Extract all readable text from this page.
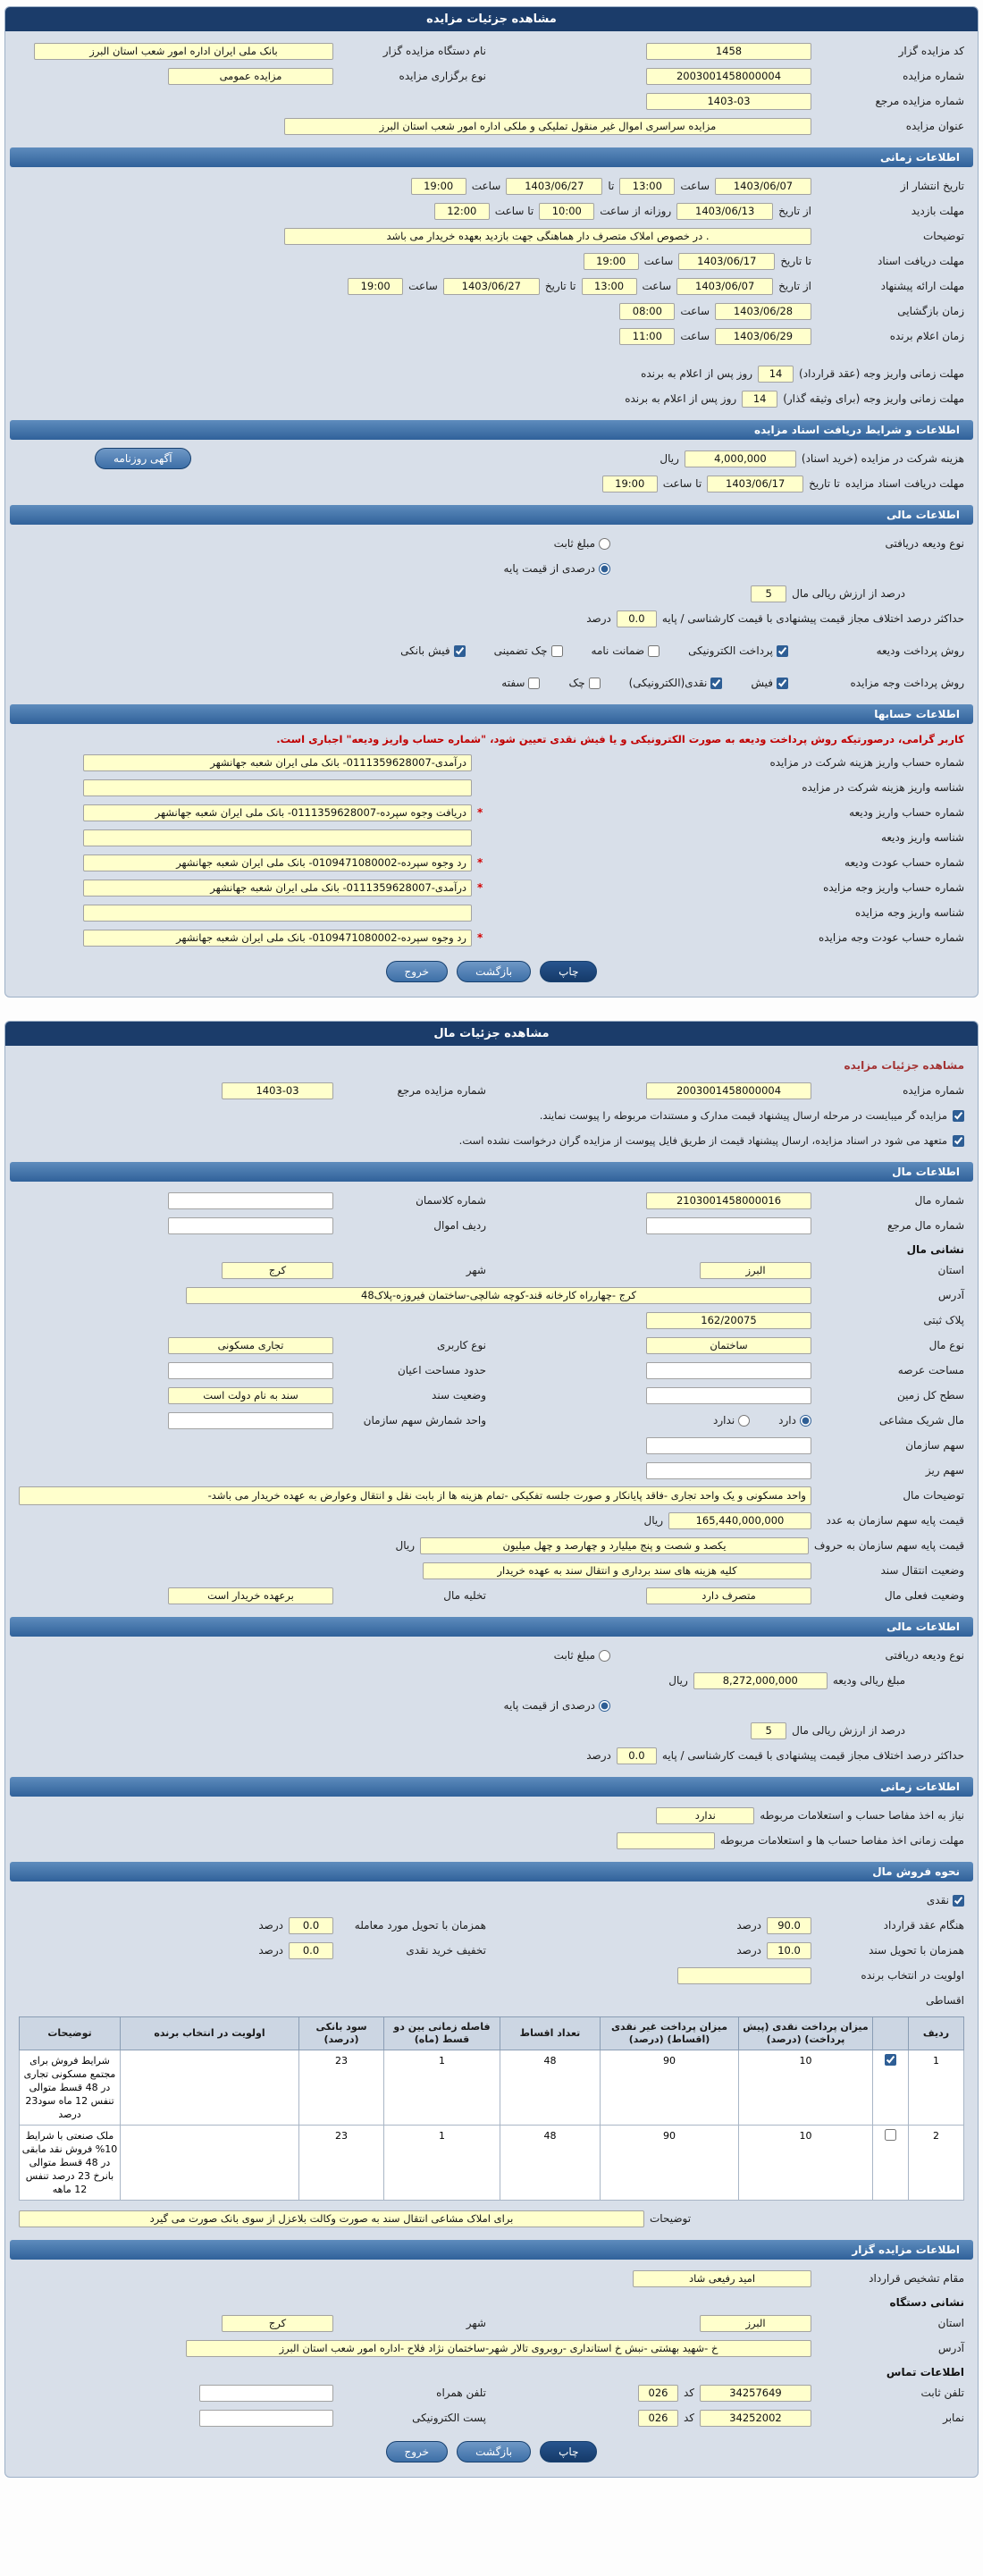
مشاهده جزئیات مزایده
کد مزایده گزار
1458
نام دستگاه مزایده گزار
بانک ملی ایران اداره امور شعب استان البرز
شماره مزایده
2003001458000004
نوع برگزاری مزایده
مزایده عمومی
شماره مزایده مرجع
1403-03
عنوان مزایده
مزایده سراسری اموال غیر منقول تملیکی و ملکی اداره امور شعب استان البرز
اطلاعات زمانی
تاریخ انتشار از
1403/06/07
ساعت
13:00
تا
1403/06/27
ساعت
19:00
مهلت بازدید
از تاریخ
1403/06/13
روزانه از ساعت
10:00
تا ساعت
12:00
توضیحات
. در خصوص املاک متصرف دار هماهنگی جهت بازدید بعهده خریدار می باشد
مهلت دریافت اسناد
تا تاریخ
1403/06/17
ساعت
19:00
مهلت ارائه پیشنهاد
از تاریخ
1403/06/07
ساعت
13:00
تا تاریخ
1403/06/27
ساعت
19:00
زمان بازگشایی
1403/06/28
ساعت
08:00
زمان اعلام برنده
1403/06/29
ساعت
11:00
مهلت زمانی واریز وجه (عقد قرارداد)
14
روز پس از اعلام به برنده
مهلت زمانی واریز وجه (برای وثیقه گذار)
14
روز پس از اعلام به برنده
اطلاعات و شرایط دریافت اسناد مزایده
هزینه شرکت در مزایده (خرید اسناد)
4,000,000
ریال
آگهی روزنامه
مهلت دریافت اسناد مزایده
تا تاریخ
1403/06/17
تا ساعت
19:00
اطلاعات مالی
نوع ودیعه دریافتی
مبلغ ثابت
درصدی از قیمت پایه
درصد از ارزش ریالی مال
5
حداکثر درصد اختلاف مجاز قیمت پیشنهادی با قیمت کارشناسی / پایه
0.0
درصد
روش پرداخت ودیعه
پرداخت الکترونیکی
ضمانت نامه
چک تضمینی
فیش بانکی
روش پرداخت وجه مزایده
فیش
نقدی(الکترونیکی)
چک
سفته
اطلاعات حسابها
کاربر گرامی، درصورتیکه روش پرداخت ودیعه به صورت الکترونیکی و یا فیش نقدی تعیین شود، "شماره حساب واریز ودیعه" اجباری است.
شماره حساب واریز هزینه شرکت در مزایده
درآمدی-0111359628007- بانک ملی ایران شعبه جهانشهر
شناسه واریز هزینه شرکت در مزایده
شماره حساب واریز ودیعه
*
دریافت وجوه سپرده-0111359628007- بانک ملی ایران شعبه جهانشهر
شناسه واریز ودیعه
شماره حساب عودت ودیعه
*
رد وجوه سپرده-0109471080002- بانک ملی ایران شعبه جهانشهر
شماره حساب واریز وجه مزایده
*
درآمدی-0111359628007- بانک ملی ایران شعبه جهانشهر
شناسه واریز وجه مزایده
شماره حساب عودت وجه مزایده
*
رد وجوه سپرده-0109471080002- بانک ملی ایران شعبه جهانشهر
چاپ
بازگشت
خروج
مشاهده جزئیات مال
مشاهده جزئیات مزایده
شماره مزایده
2003001458000004
شماره مزایده مرجع
1403-03
مزایده گر میبایست در مرحله ارسال پیشنهاد قیمت مدارک و مستندات مربوطه را پیوست نمایند.
متعهد می شود در اسناد مزایده، ارسال پیشنهاد قیمت از طریق فایل پیوست از مزایده گران درخواست نشده است.
اطلاعات مال
شماره مال
2103001458000016
شماره کلاسمان
شماره مال مرجع
ردیف اموال
نشانی مال
استان
البرز
شهر
کرج
آدرس
کرج -چهارراه کارخانه قند-کوچه شالچی-ساختمان فیروزه-پلاک48
پلاک ثبتی
162/20075
نوع مال
ساختمان
نوع کاربری
تجاری مسکونی
مساحت عرصه
حدود مساحت اعیان
سطح کل زمین
وضعیت سند
سند به نام دولت است
مال شریک مشاعی
دارد
ندارد
واحد شمارش سهم سازمان
سهم سازمان
سهم ریز
توضیحات مال
واحد مسکونی و یک واحد تجاری -فاقد پایانکار و صورت جلسه تفکیکی -تمام هزینه ها از بابت نقل و انتقال وعوارض به عهده خریدار می باشد-
قیمت پایه سهم سازمان به عدد
165,440,000,000
ریال
قیمت پایه سهم سازمان به حروف
یکصد و شصت و پنج میلیارد و چهارصد و چهل میلیون
ریال
وضعیت انتقال سند
کلیه هزینه های سند برداری و انتقال سند به عهده خریدار
وضعیت فعلی مال
متصرف دارد
تخلیه مال
برعهده خریدار است
اطلاعات مالی
نوع ودیعه دریافتی
مبلغ ثابت
مبلغ ریالی ودیعه
8,272,000,000
ریال
درصدی از قیمت پایه
درصد از ارزش ریالی مال
5
حداکثر درصد اختلاف مجاز قیمت پیشنهادی با قیمت کارشناسی / پایه
0.0
درصد
اطلاعات زمانی
نیاز به اخذ مفاصا حساب و استعلامات مربوطه
ندارد
مهلت زمانی اخذ مفاصا حساب ها و استعلامات مربوطه
نحوه فروش مال
نقدی
هنگام عقد قرارداد
90.0
درصد
همزمان با تحویل مورد معامله
0.0
درصد
همزمان با تحویل سند
10.0
درصد
تخفیف خرید نقدی
0.0
درصد
اولویت در انتخاب برنده
اقساطی
ردیف		میزان پرداخت نقدی (پیش پرداخت) (درصد)	میزان پرداخت غیر نقدی (اقساط) (درصد)	تعداد اقساط	فاصله زمانی بین دو قسط (ماه)	سود بانکی (درصد)	اولویت در انتخاب برنده	توضیحات
1		10	90	48	1	23		شرایط فروش برای مجتمع مسکونی تجاری در 48 قسط متوالی تنفس 12 ماه سود23 درصد
2		10	90	48	1	23		ملک صنعتی با شرایط 10% فروش نقد مابقی در 48 قسط متوالی بانرخ 23 درصد تنفس 12 ماهه
توضیحات
برای املاک مشاعی انتقال سند به صورت وکالت بلاعزل از سوی بانک صورت می گیرد
اطلاعات مزایده گزار
مقام تشخیص قرارداد
امید رفیعی شاد
نشانی دستگاه
استان
البرز
شهر
کرج
آدرس
خ -شهید بهشتی -نبش خ استانداری -روبروی تالار شهر-ساختمان نژاد فلاح -اداره امور شعب استان البرز
اطلاعات تماس
تلفن ثابت
34257649
کد
026
تلفن همراه
نمابر
34252002
کد
026
پست الکترونیکی
چاپ
بازگشت
خروج
